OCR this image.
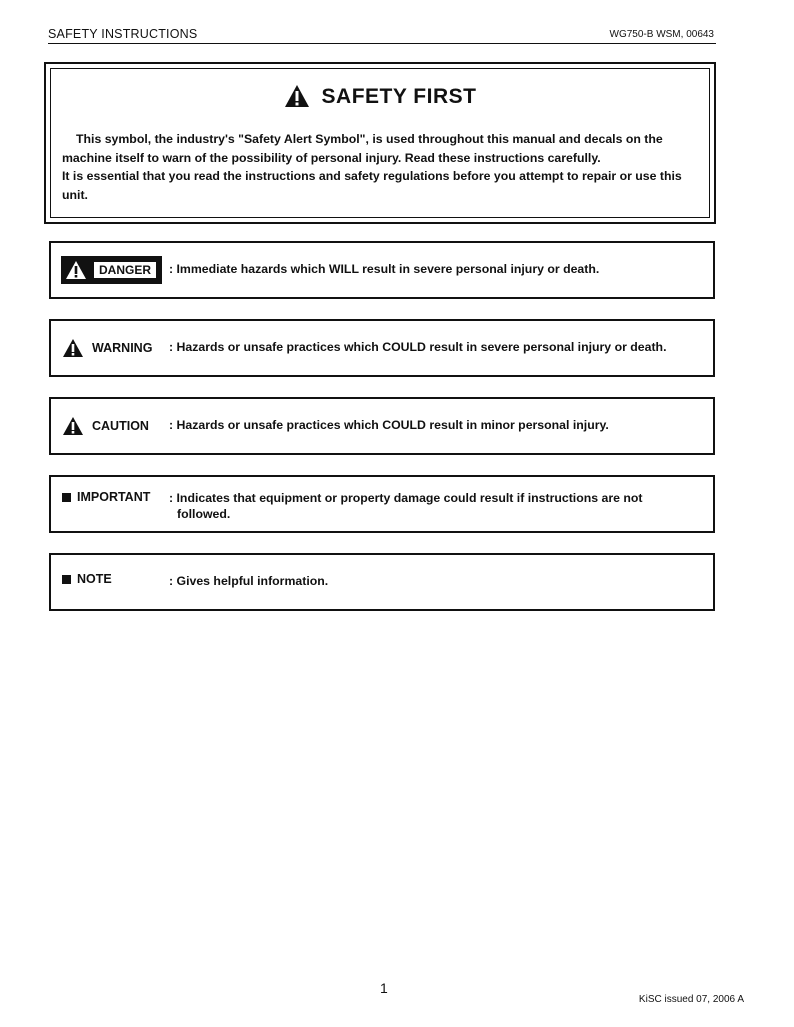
SAFETY INSTRUCTIONS	WG750-B WSM, 00643
SAFETY FIRST

This symbol, the industry's "Safety Alert Symbol", is used throughout this manual and decals on the machine itself to warn of the possibility of personal injury. Read these instructions carefully.

It is essential that you read the instructions and safety regulations before you attempt to repair or use this unit.

DANGER	: Immediate hazards which WILL result in severe personal injury or death.
WARNING : Hazards or unsafe practices which COULD result in severe personal injury or death.
CAUTION : Hazards or unsafe practices which COULD result in minor personal injury.
IMPORTANT : Indicates that equipment or property damage could result if instructions are not
followed.
NOTE	: Gives helpful information.
1
KiSC issued 07, 2006 A
